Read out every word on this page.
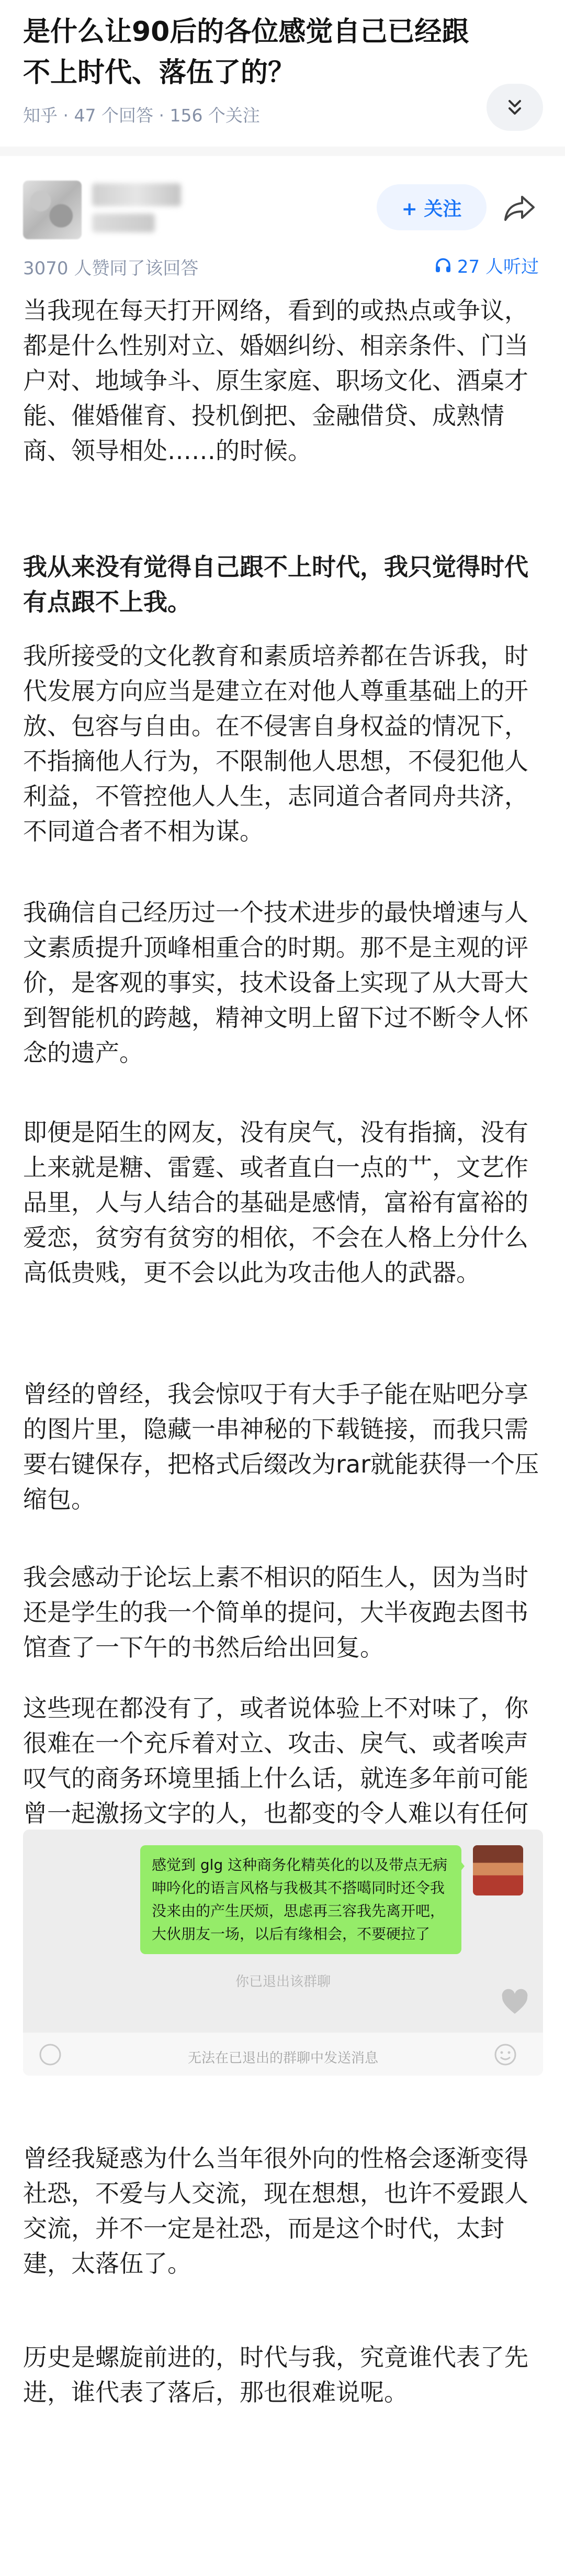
是什么让90后的各位感觉自己已经跟不上时代、落伍了的？
知乎 · 47 个回答 · 156 个关注
+ 关注
3070 人赞同了该回答	27 人听过
当我现在每天打开网络，看到的或热点或争议，都是什么性别对立、婚姻纠纷、相亲条件、门当户对、地域争斗、原生家庭、职场文化、酒桌才能、催婚催育、投机倒把、金融借贷、成熟情商、领导相处……的时候。
我从来没有觉得自己跟不上时代，我只觉得时代有点跟不上我。
我所接受的文化教育和素质培养都在告诉我，时代发展方向应当是建立在对他人尊重基础上的开放、包容与自由。在不侵害自身权益的情况下，不指摘他人行为，不限制他人思想，不侵犯他人利益，不管控他人人生，志同道合者同舟共济，不同道合者不相为谋。
我确信自己经历过一个技术进步的最快增速与人文素质提升顶峰相重合的时期。那不是主观的评价，是客观的事实，技术设备上实现了从大哥大到智能机的跨越，精神文明上留下过不断令人怀念的遗产。
即便是陌生的网友，没有戾气，没有指摘，没有上来就是糖、雷霆、或者直白一点的艹，文艺作品里，人与人结合的基础是感情，富裕有富裕的爱恋，贫穷有贫穷的相依，不会在人格上分什么高低贵贱，更不会以此为攻击他人的武器。
曾经的曾经，我会惊叹于有大手子能在贴吧分享的图片里，隐藏一串神秘的下载链接，而我只需要右键保存，把格式后缀改为rar就能获得一个压缩包。
我会感动于论坛上素不相识的陌生人，因为当时还是学生的我一个简单的提问，大半夜跑去图书馆查了一下午的书然后给出回复。
这些现在都没有了，或者说体验上不对味了，你很难在一个充斥着对立、攻击、戾气、或者唉声叹气的商务环境里插上什么话，就连多年前可能曾一起激扬文字的人，也都变的令人难以有任何
感觉到 glg 这种商务化精英化的以及带点无病呻吟化的语言风格与我极其不搭噶同时还令我没来由的产生厌烦，思虑再三容我先离开吧，大伙朋友一场，以后有缘相会，不要硬拉了
你已退出该群聊
无法在已退出的群聊中发送消息
曾经我疑惑为什么当年很外向的性格会逐渐变得社恐，不爱与人交流，现在想想，也许不爱跟人交流，并不一定是社恐，而是这个时代，太封建，太落伍了。
历史是螺旋前进的，时代与我，究竟谁代表了先进，谁代表了落后，那也很难说呢。
